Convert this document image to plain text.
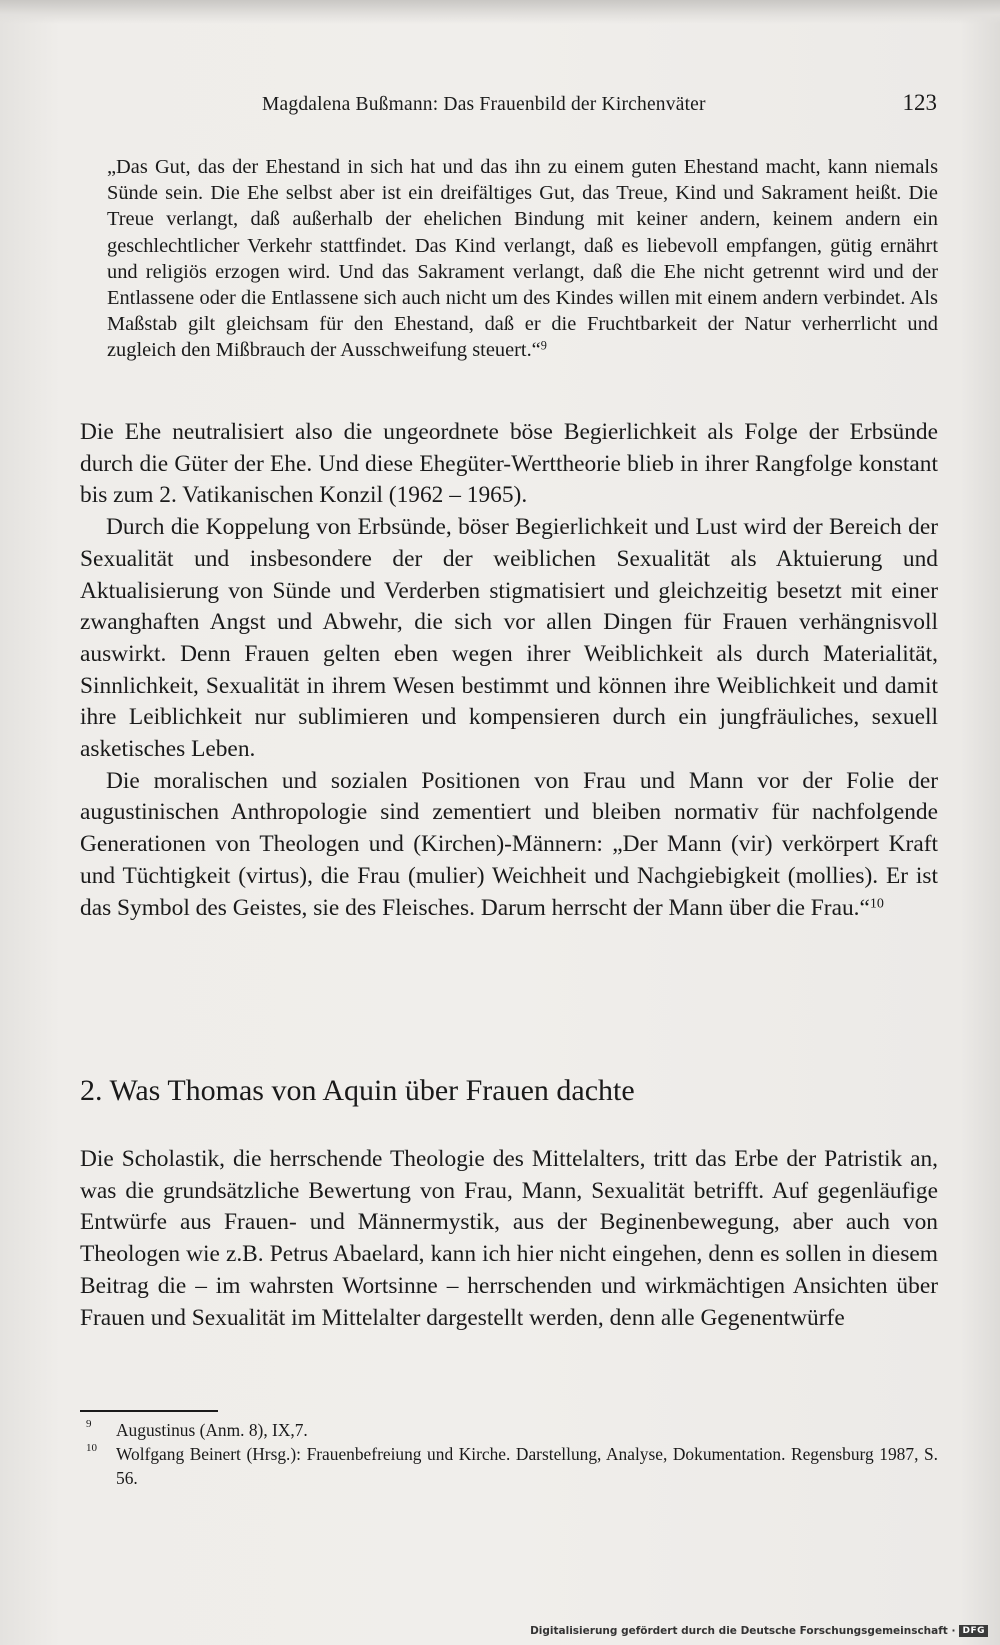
Magdalena Bußmann: Das Frauenbild der Kirchenväter	123
„Das Gut, das der Ehestand in sich hat und das ihn zu einem guten Ehestand macht, kann niemals Sünde sein. Die Ehe selbst aber ist ein dreifältiges Gut, das Treue, Kind und Sakrament heißt. Die Treue verlangt, daß außerhalb der ehelichen Bindung mit keiner andern, keinem andern ein geschlechtlicher Verkehr stattfindet. Das Kind verlangt, daß es liebevoll empfangen, gütig ernährt und religiös erzogen wird. Und das Sakrament verlangt, daß die Ehe nicht getrennt wird und der Entlassene oder die Entlassene sich auch nicht um des Kindes willen mit einem andern verbindet. Als Maßstab gilt gleichsam für den Ehestand, daß er die Fruchtbarkeit der Natur verherrlicht und zugleich den Mißbrauch der Ausschweifung steuert.“$^9$

Die Ehe neutralisiert also die ungeordnete böse Begierlichkeit als Folge der Erbsünde durch die Güter der Ehe. Und diese Ehegüter-Werttheorie blieb in ihrer Rangfolge konstant bis zum 2. Vatikanischen Konzil (1962 – 1965).

Durch die Koppelung von Erbsünde, böser Begierlichkeit und Lust wird der Bereich der Sexualität und insbesondere der der weiblichen Sexualität als Aktuierung und Aktualisierung von Sünde und Verderben stigmatisiert und gleichzeitig besetzt mit einer zwanghaften Angst und Abwehr, die sich vor allen Dingen für Frauen verhängnisvoll auswirkt. Denn Frauen gelten eben wegen ihrer Weiblichkeit als durch Materialität, Sinnlichkeit, Sexualität in ihrem Wesen bestimmt und können ihre Weiblichkeit und damit ihre Leiblichkeit nur sublimieren und kompensieren durch ein jungfräuliches, sexuell asketisches Leben.

Die moralischen und sozialen Positionen von Frau und Mann vor der Folie der augustinischen Anthropologie sind zementiert und bleiben normativ für nachfolgende Generationen von Theologen und (Kirchen)-Männern: „Der Mann (vir) verkörpert Kraft und Tüchtigkeit (virtus), die Frau (mulier) Weichheit und Nachgiebigkeit (mollies). Er ist das Symbol des Geistes, sie des Fleisches. Darum herrscht der Mann über die Frau.“$^{10}$

2. Was Thomas von Aquin über Frauen dachte

Die Scholastik, die herrschende Theologie des Mittelalters, tritt das Erbe der Patristik an, was die grundsätzliche Bewertung von Frau, Mann, Sexualität betrifft. Auf gegenläufige Entwürfe aus Frauen- und Männermystik, aus der Beginenbewegung, aber auch von Theologen wie z.B. Petrus Abaelard, kann ich hier nicht eingehen, denn es sollen in diesem Beitrag die – im wahrsten Wortsinne – herrschenden und wirkmächtigen Ansichten über Frauen und Sexualität im Mittelalter dargestellt werden, denn alle Gegenentwürfe

9 Augustinus (Anm. 8), IX,7.
10 Wolfgang Beinert (Hrsg.): Frauenbefreiung und Kirche. Darstellung, Analyse, Dokumentation. Regensburg 1987, S. 56.
Digitalisierung gefördert durch die Deutsche Forschungsgemeinschaft · DFG
